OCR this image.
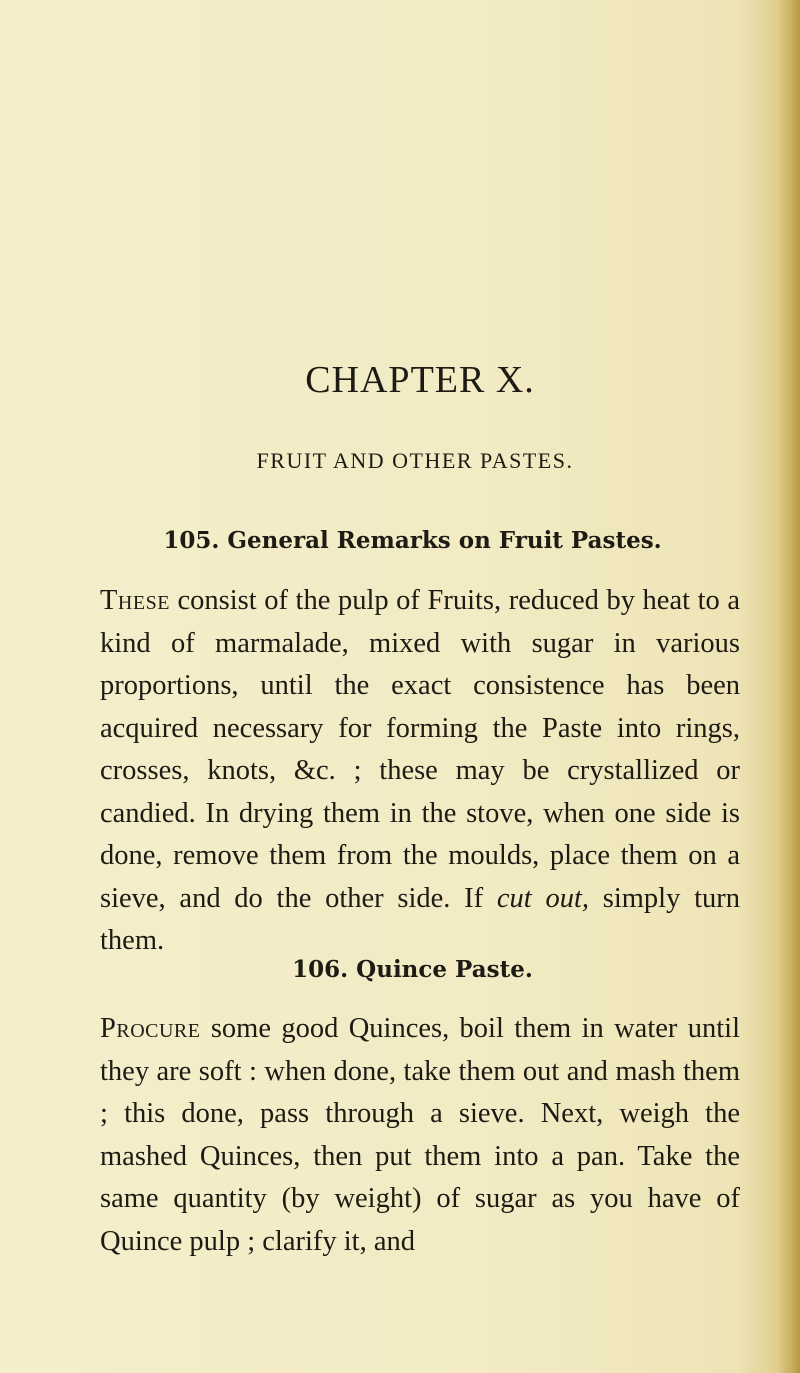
CHAPTER X.
FRUIT AND OTHER PASTES.
105. General Remarks on Fruit Pastes.
These consist of the pulp of Fruits, reduced by heat to a kind of marmalade, mixed with sugar in various proportions, until the exact consistence has been acquired necessary for forming the Paste into rings, crosses, knots, &c. ; these may be crystallized or candied. In drying them in the stove, when one side is done, remove them from the moulds, place them on a sieve, and do the other side. If cut out, simply turn them.
106. Quince Paste.
Procure some good Quinces, boil them in water until they are soft : when done, take them out and mash them ; this done, pass through a sieve. Next, weigh the mashed Quinces, then put them into a pan. Take the same quantity (by weight) of sugar as you have of Quince pulp ; clarify it, and
